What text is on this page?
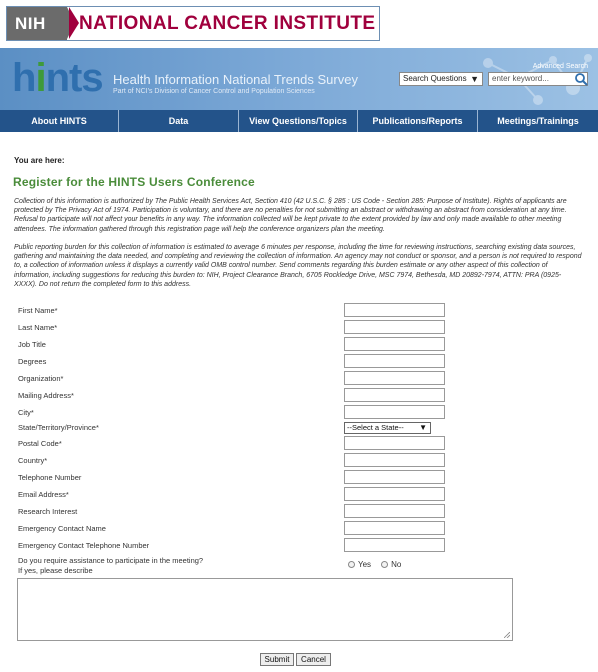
NIH	NATIONAL CANCER INSTITUTE
hints Health Information National Trends Survey
Part of NCI's Division of Cancer Control and Population Sciences
Advanced Search
Search Questions ▼	enter keyword...
About HINTS	Data	View Questions/Topics	Publications/Reports	Meetings/Trainings
You are here:
Register for the HINTS Users Conference
Collection of this information is authorized by The Public Health Services Act, Section 410 (42 U.S.C. § 285 : US Code - Section 285: Purpose of Institute). Rights of applicants are protected by The Privacy Act of 1974. Participation is voluntary, and there are no penalties for not submitting an abstract or withdrawing an abstract from consideration at any time. Refusal to participate will not affect your benefits in any way. The information collected will be kept private to the extent provided by law and only made available to other meeting attendees. The information gathered through this registration page will help the conference organizers plan the meeting.
Public reporting burden for this collection of information is estimated to average 6 minutes per response, including the time for reviewing instructions, searching existing data sources, gathering and maintaining the data needed, and completing and reviewing the collection of information. An agency may not conduct or sponsor, and a person is not required to respond to, a collection of information unless it displays a currently valid OMB control number. Send comments regarding this burden estimate or any other aspect of this collection of information, including suggestions for reducing this burden to: NIH, Project Clearance Branch, 6705 Rockledge Drive, MSC 7974, Bethesda, MD 20892-7974, ATTN: PRA (0925-XXXX). Do not return the completed form to this address.
First Name*
Last Name*
Job Title
Degrees
Organization*
Mailing Address*
City*
State/Territory/Province*	--Select a State-- ▼
Postal Code*
Country*
Telephone Number
Email Address*
Research Interest
Emergency Contact Name
Emergency Contact Telephone Number
Do you require assistance to participate in the meeting?
If yes, please describe
Yes	No
Submit	Cancel
